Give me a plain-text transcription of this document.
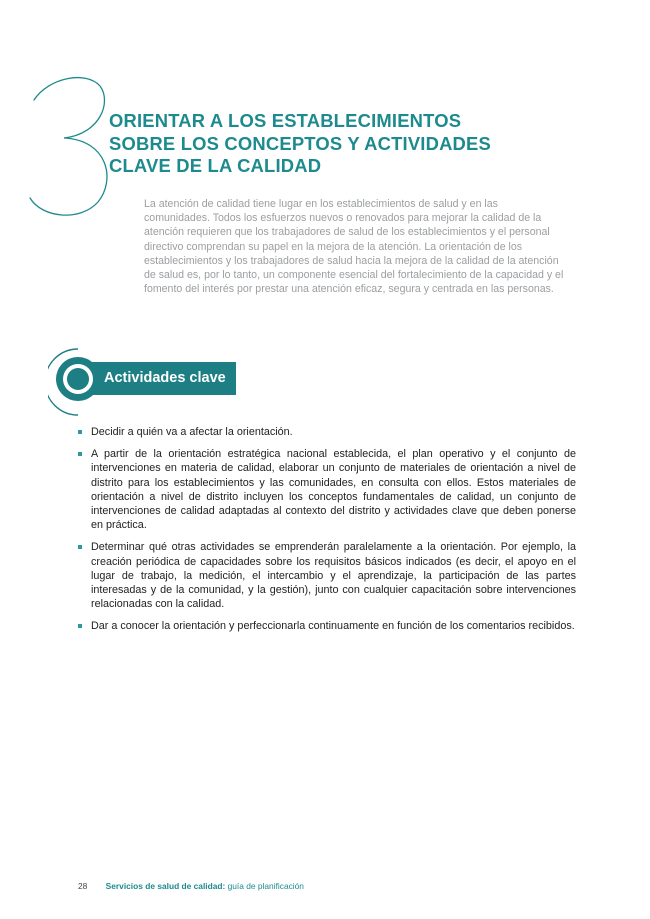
ORIENTAR A LOS ESTABLECIMIENTOS
SOBRE LOS CONCEPTOS Y ACTIVIDADES
CLAVE DE LA CALIDAD

La atención de calidad tiene lugar en los establecimientos de salud y en las comunidades. Todos los esfuerzos nuevos o renovados para mejorar la calidad de la atención requieren que los trabajadores de salud de los establecimientos y el personal directivo comprendan su papel en la mejora de la atención. La orientación de los establecimientos y los trabajadores de salud hacia la mejora de la calidad de la atención de salud es, por lo tanto, un componente esencial del fortalecimiento de la capacidad y el fomento del interés por prestar una atención eficaz, segura y centrada en las personas.

Actividades clave
Decidir a quién va a afectar la orientación.
A partir de la orientación estratégica nacional establecida, el plan operativo y el conjunto de intervenciones en materia de calidad, elaborar un conjunto de materiales de orientación a nivel de distrito para los establecimientos y las comunidades, en consulta con ellos. Estos materiales de orientación a nivel de distrito incluyen los conceptos fundamentales de calidad, un conjunto de intervenciones de calidad adaptadas al contexto del distrito y actividades clave que deben ponerse en práctica.
Determinar qué otras actividades se emprenderán paralelamente a la orientación. Por ejemplo, la creación periódica de capacidades sobre los requisitos básicos indicados (es decir, el apoyo en el lugar de trabajo, la medición, el intercambio y el aprendizaje, la participación de las partes interesadas y de la comunidad, y la gestión), junto con cualquier capacitación sobre intervenciones relacionadas con la calidad.
Dar a conocer la orientación y perfeccionarla continuamente en función de los comentarios recibidos.
28 Servicios de salud de calidad: guía de planificación
